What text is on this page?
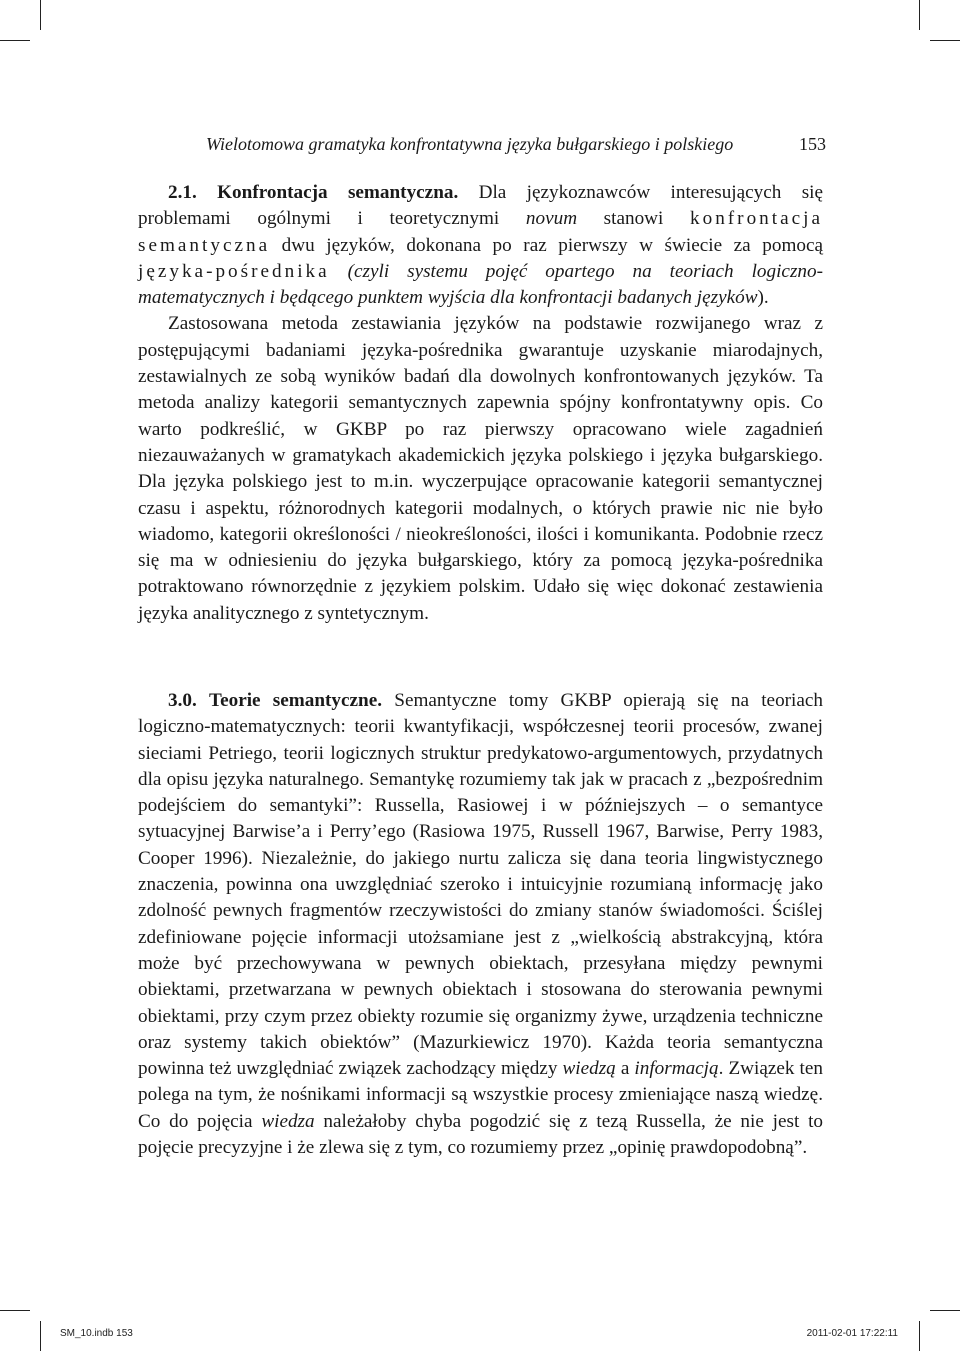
Wielotomowa gramatyka konfrontatywna języka bułgarskiego i polskiego	153

2.1. Konfrontacja semantyczna. Dla językoznawców interesujących się problemami ogólnymi i teoretycznymi novum stanowi konfrontacja semantyczna dwu języków, dokonana po raz pierwszy w świecie za pomocą języka-pośrednika (czyli systemu pojęć opartego na teoriach logiczno-matematycznych i będącego punktem wyjścia dla konfrontacji badanych języków).

Zastosowana metoda zestawiania języków na podstawie rozwijanego wraz z postępującymi badaniami języka-pośrednika gwarantuje uzyskanie miarodajnych, zestawialnych ze sobą wyników badań dla dowolnych konfrontowanych języków. Ta metoda analizy kategorii semantycznych zapewnia spójny konfrontatywny opis. Co warto podkreślić, w GKBP po raz pierwszy opracowano wiele zagadnień niezauważanych w gramatykach akademickich języka polskiego i języka bułgarskiego. Dla języka polskiego jest to m.in. wyczerpujące opracowanie kategorii semantycznej czasu i aspektu, różnorodnych kategorii modalnych, o których prawie nic nie było wiadomo, kategorii określoności / nieokreśloności, ilości i komunikanta. Podobnie rzecz się ma w odniesieniu do języka bułgarskiego, który za pomocą języka-pośrednika potraktowano równorzędnie z językiem polskim. Udało się więc dokonać zestawienia języka analitycznego z syntetycznym.

3.0. Teorie semantyczne. Semantyczne tomy GKBP opierają się na teoriach logiczno-matematycznych: teorii kwantyfikacji, współczesnej teorii procesów, zwanej sieciami Petriego, teorii logicznych struktur predykatowo-argumentowych, przydatnych dla opisu języka naturalnego. Semantykę rozumiemy tak jak w pracach z „bezpośrednim podejściem do semantyki”: Russella, Rasiowej i w późniejszych – o semantyce sytuacyjnej Barwise’a i Perry’ego (Rasiowa 1975, Russell 1967, Barwise, Perry 1983, Cooper 1996). Niezależnie, do jakiego nurtu zalicza się dana teoria lingwistycznego znaczenia, powinna ona uwzględniać szeroko i intuicyjnie rozumianą informację jako zdolność pewnych fragmentów rzeczywistości do zmiany stanów świadomości. Ściślej zdefiniowane pojęcie informacji utożsamiane jest z „wielkością abstrakcyjną, która może być przechowywana w pewnych obiektach, przesyłana między pewnymi obiektami, przetwarzana w pewnych obiektach i stosowana do sterowania pewnymi obiektami, przy czym przez obiekty rozumie się organizmy żywe, urządzenia techniczne oraz systemy takich obiektów” (Mazurkiewicz 1970). Każda teoria semantyczna powinna też uwzględniać związek zachodzący między wiedzą a informacją. Związek ten polega na tym, że nośnikami informacji są wszystkie procesy zmieniające naszą wiedzę. Co do pojęcia wiedza należałoby chyba pogodzić się z tezą Russella, że nie jest to pojęcie precyzyjne i że zlewa się z tym, co rozumiemy przez „opinię prawdopodobną”.

SM_10.indb 153	2011-02-01 17:22:11
